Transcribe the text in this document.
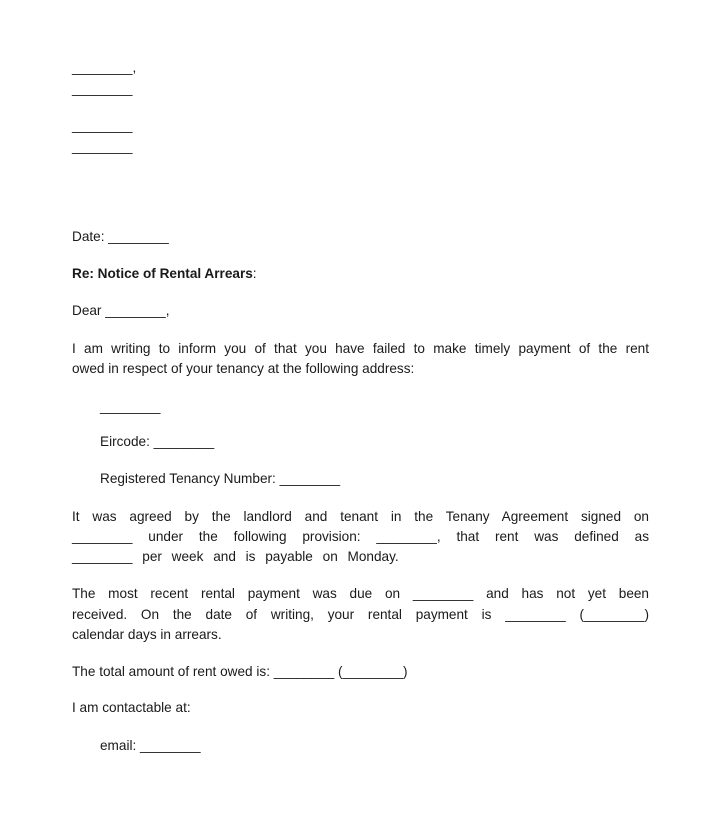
________,
________
________
________
Date: ________
Re: Notice of Rental Arrears:
Dear ________,
I am writing to inform you of that you have failed to make timely payment of the rent
owed in respect of your tenancy at the following address:
________
Eircode: ________
Registered Tenancy Number: ________
It was agreed by the landlord and tenant in the Tenany Agreement signed on
________ under the following provision: ________, that rent was defined as
________ per week and is payable on Monday.
The most recent rental payment was due on ________ and has not yet been
received. On the date of writing, your rental payment is ________ (________)
calendar days in arrears.
The total amount of rent owed is: ________ (________)
I am contactable at:
email: ________
